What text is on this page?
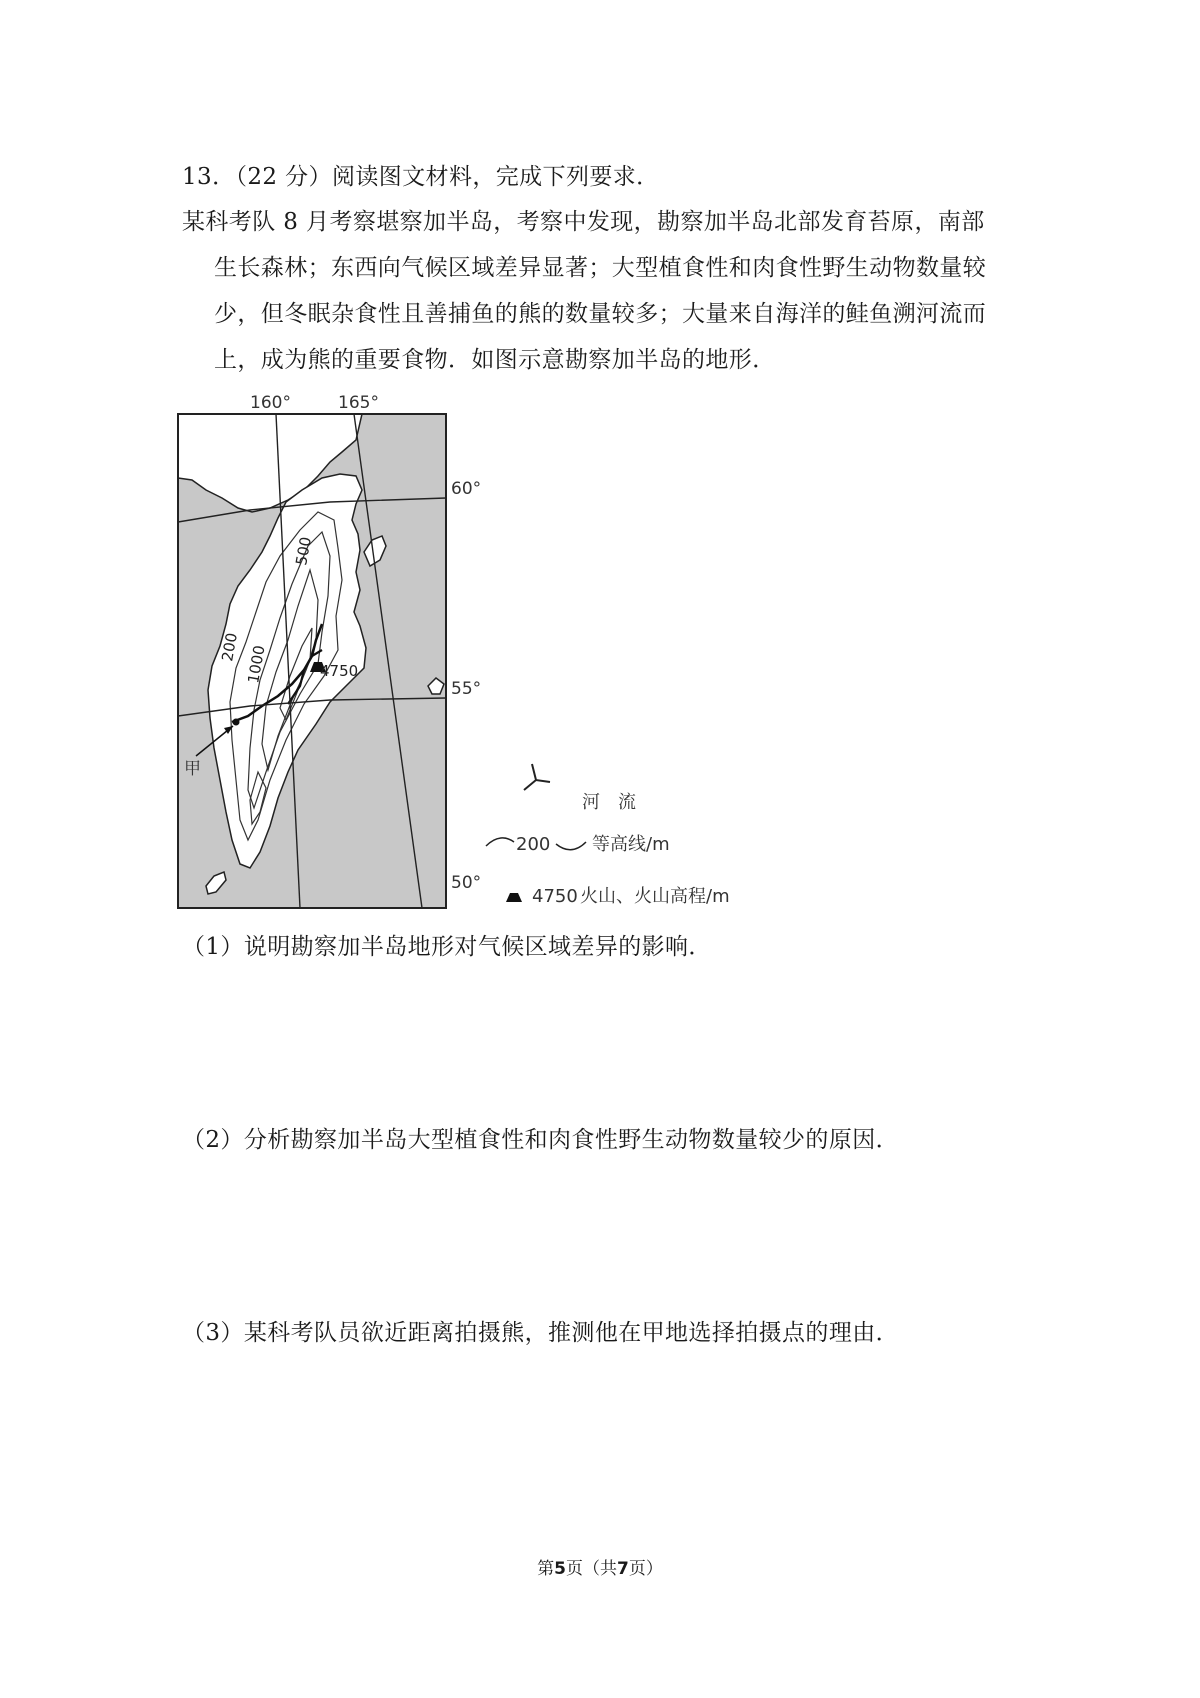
13．（22 分）阅读图文材料，完成下列要求．
某科考队 8 月考察堪察加半岛，考察中发现，勘察加半岛北部发育苔原，南部
生长森林；东西向气候区域差异显著；大型植食性和肉食性野生动物数量较
少，但冬眠杂食性且善捕鱼的熊的数量较多；大量来自海洋的鲑鱼溯河流而
上，成为熊的重要食物．如图示意勘察加半岛的地形．
160°	165°
500
200 1000	4750
甲
60°
55°
50°
河　流
200 等高线/m
4750 火山、火山高程/m
（1）说明勘察加半岛地形对气候区域差异的影响．
（2）分析勘察加半岛大型植食性和肉食性野生动物数量较少的原因．
（3）某科考队员欲近距离拍摄熊，推测他在甲地选择拍摄点的理由．
第5页（共7页）
